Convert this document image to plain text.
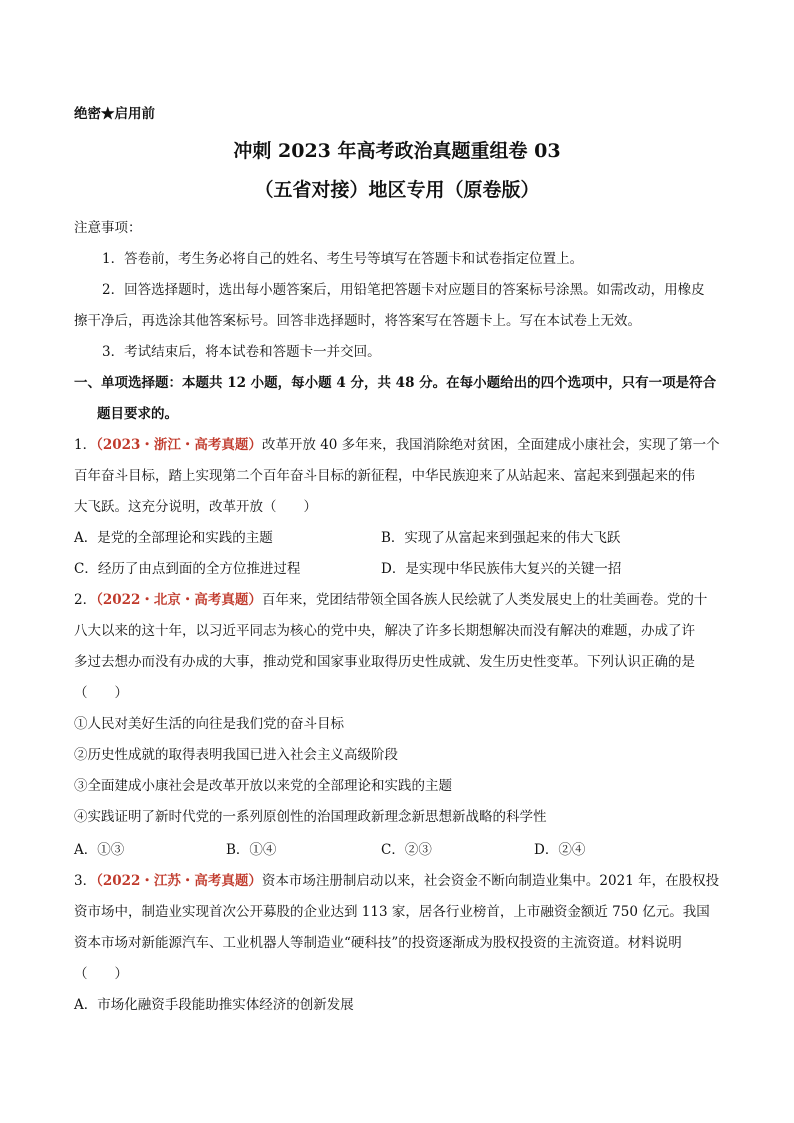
绝密★启用前
冲刺 2023 年高考政治真题重组卷 03
（五省对接）地区专用（原卷版）
注意事项：
1．答卷前，考生务必将自己的姓名、考生号等填写在答题卡和试卷指定位置上。
2．回答选择题时，选出每小题答案后，用铅笔把答题卡对应题目的答案标号涂黑。如需改动，用橡皮
擦干净后，再选涂其他答案标号。回答非选择题时，将答案写在答题卡上。写在本试卷上无效。
3．考试结束后，将本试卷和答题卡一并交回。
一、单项选择题：本题共 12 小题，每小题 4 分，共 48 分。在每小题给出的四个选项中，只有一项是符合
题目要求的。
1．（2023・浙江・高考真题）改革开放 40 多年来，我国消除绝对贫困，全面建成小康社会，实现了第一个
百年奋斗目标，踏上实现第二个百年奋斗目标的新征程，中华民族迎来了从站起来、富起来到强起来的伟
大飞跃。这充分说明，改革开放（　　）
A．是党的全部理论和实践的主题	B．实现了从富起来到强起来的伟大飞跃
C．经历了由点到面的全方位推进过程	D．是实现中华民族伟大复兴的关键一招
2．（2022・北京・高考真题）百年来，党团结带领全国各族人民绘就了人类发展史上的壮美画卷。党的十
八大以来的这十年，以习近平同志为核心的党中央，解决了许多长期想解决而没有解决的难题，办成了许
多过去想办而没有办成的大事，推动党和国家事业取得历史性成就、发生历史性变革。下列认识正确的是
（　　）
①人民对美好生活的向往是我们党的奋斗目标
②历史性成就的取得表明我国已进入社会主义高级阶段
③全面建成小康社会是改革开放以来党的全部理论和实践的主题
④实践证明了新时代党的一系列原创性的治国理政新理念新思想新战略的科学性
A．①③	B．①④	C．②③	D．②④
3．（2022・江苏・高考真题）资本市场注册制启动以来，社会资金不断向制造业集中。2021 年，在股权投
资市场中，制造业实现首次公开募股的企业达到 113 家，居各行业榜首，上市融资金额近 750 亿元。我国
资本市场对新能源汽车、工业机器人等制造业“硬科技”的投资逐渐成为股权投资的主流资道。材料说明
（　　）
A．市场化融资手段能助推实体经济的创新发展
